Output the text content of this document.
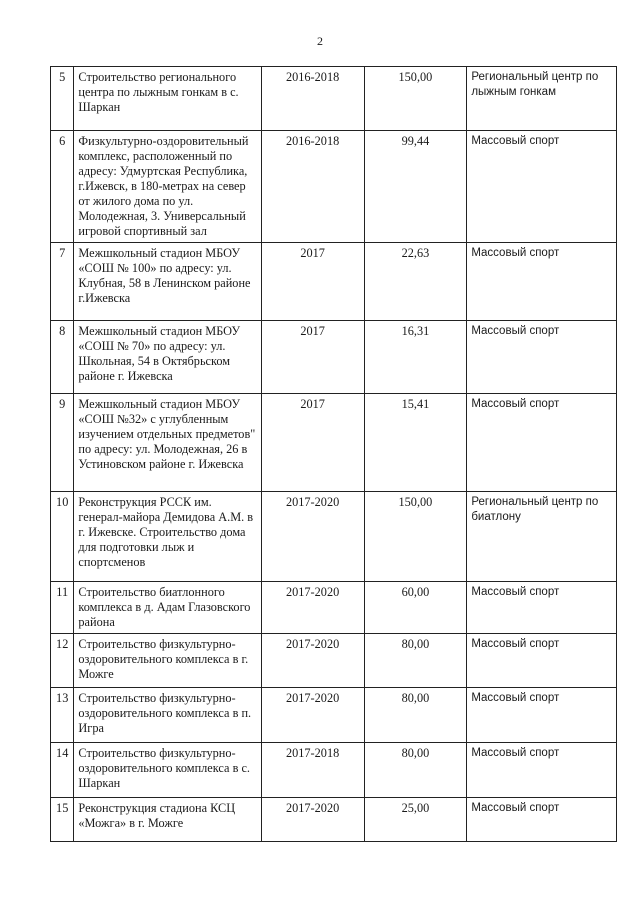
2
5	Строительство регионального центра по лыжным гонкам в с. Шаркан	2016-2018	150,00	Региональный центр по лыжным гонкам
6	Физкультурно-оздоровительный комплекс, расположенный по адресу: Удмуртская Республика, г.Ижевск, в 180-метрах на север от жилого дома по ул. Молодежная, 3. Универсальный игровой спортивный зал	2016-2018	99,44	Массовый спорт
7	Межшкольный стадион МБОУ «СОШ № 100» по адресу: ул. Клубная, 58 в Ленинском районе г.Ижевска	2017	22,63	Массовый спорт
8	Межшкольный стадион МБОУ «СОШ № 70» по адресу: ул. Школьная, 54 в Октябрьском районе г. Ижевска	2017	16,31	Массовый спорт
9	Межшкольный стадион МБОУ «СОШ №32» с углубленным изучением отдельных предметов" по адресу: ул. Молодежная, 26 в Устиновском районе г. Ижевска	2017	15,41	Массовый спорт
10	Реконструкция РССК им. генерал-майора Демидова А.М. в г. Ижевске. Строительство дома для подготовки лыж и спортсменов	2017-2020	150,00	Региональный центр по биатлону
11	Строительство биатлонного комплекса в д. Адам Глазовского района	2017-2020	60,00	Массовый спорт
12	Строительство физкультурно-оздоровительного комплекса в г. Можге	2017-2020	80,00	Массовый спорт
13	Строительство физкультурно-оздоровительного комплекса в п. Игра	2017-2020	80,00	Массовый спорт
14	Строительство физкультурно-оздоровительного комплекса в с. Шаркан	2017-2018	80,00	Массовый спорт
15	Реконструкция стадиона КСЦ «Можга» в г. Можге	2017-2020	25,00	Массовый спорт
